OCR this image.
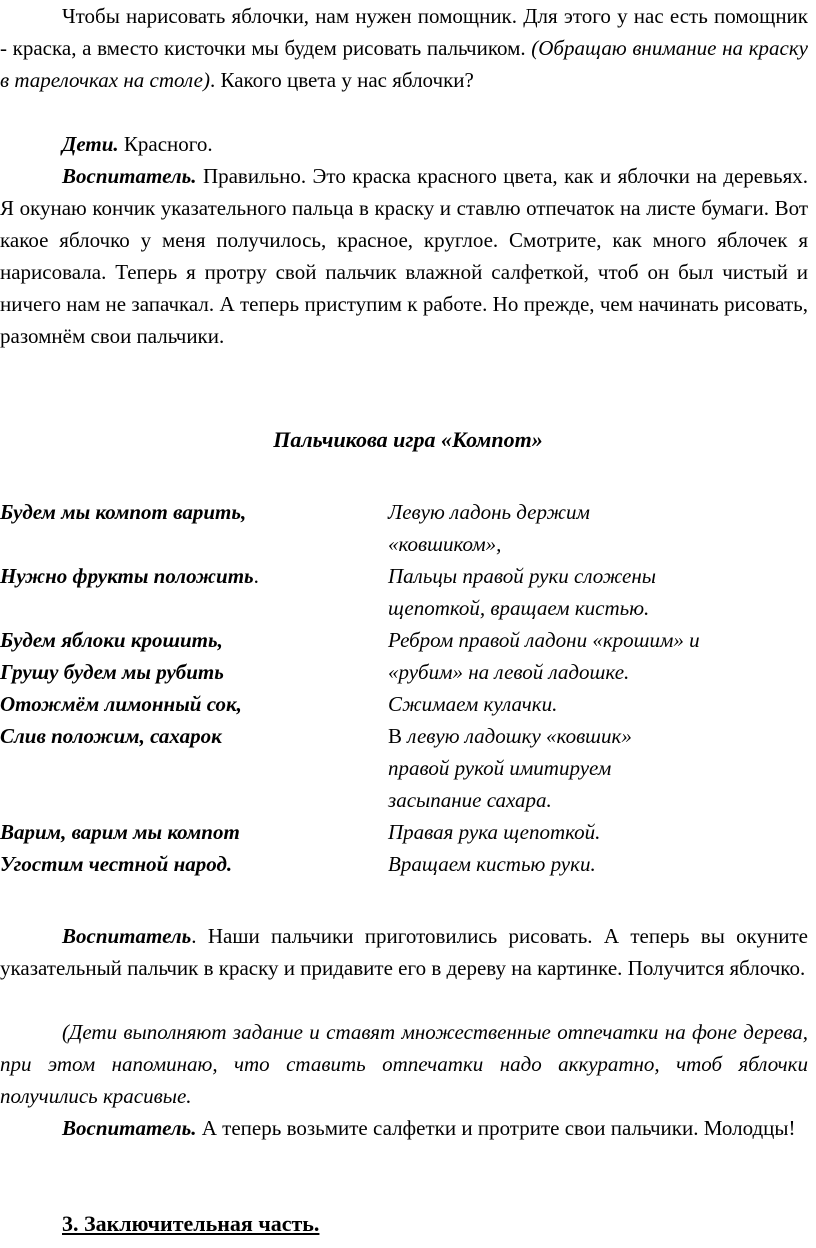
Чтобы нарисовать яблочки, нам нужен помощник. Для этого у нас есть помощник - краска, а вместо кисточки мы будем рисовать пальчиком. (Обращаю внимание на краску в тарелочках на столе). Какого цвета у нас яблочки?

Дети. Красного.

Воспитатель. Правильно. Это краска красного цвета, как и яблочки на деревьях. Я окунаю кончик указательного пальца в краску и ставлю отпечаток на листе бумаги. Вот какое яблочко у меня получилось, красное, круглое. Смотрите, как много яблочек я нарисовала. Теперь я протру свой пальчик влажной салфеткой, чтоб он был чистый и ничего нам не запачкал. А теперь приступим к работе. Но прежде, чем начинать рисовать, разомнём свои пальчики.

Пальчикова игра «Компот»
Будем мы компот варить,	Левую ладонь держим
«ковшиком»,
Нужно фрукты положить.	Пальцы правой руки сложены
щепоткой, вращаем кистью.
Будем яблоки крошить,	Ребром правой ладони «крошим» и
Грушу будем мы рубить	«рубим» на левой ладошке.
Отожмём лимонный сок,	Сжимаем кулачки.
Слив положим, сахарок	В левую ладошку «ковшик»
правой рукой имитируем
засыпание сахара.
Варим, варим мы компот	Правая рука щепоткой.
Угостим честной народ.	Вращаем кистью руки.

Воспитатель. Наши пальчики приготовились рисовать. А теперь вы окуните указательный пальчик в краску и придавите его в дереву на картинке. Получится яблочко.

(Дети выполняют задание и ставят множественные отпечатки на фоне дерева, при этом напоминаю, что ставить отпечатки надо аккуратно, чтоб яблочки получились красивые.

Воспитатель. А теперь возьмите салфетки и протрите свои пальчики. Молодцы!

3. Заключительная часть.
